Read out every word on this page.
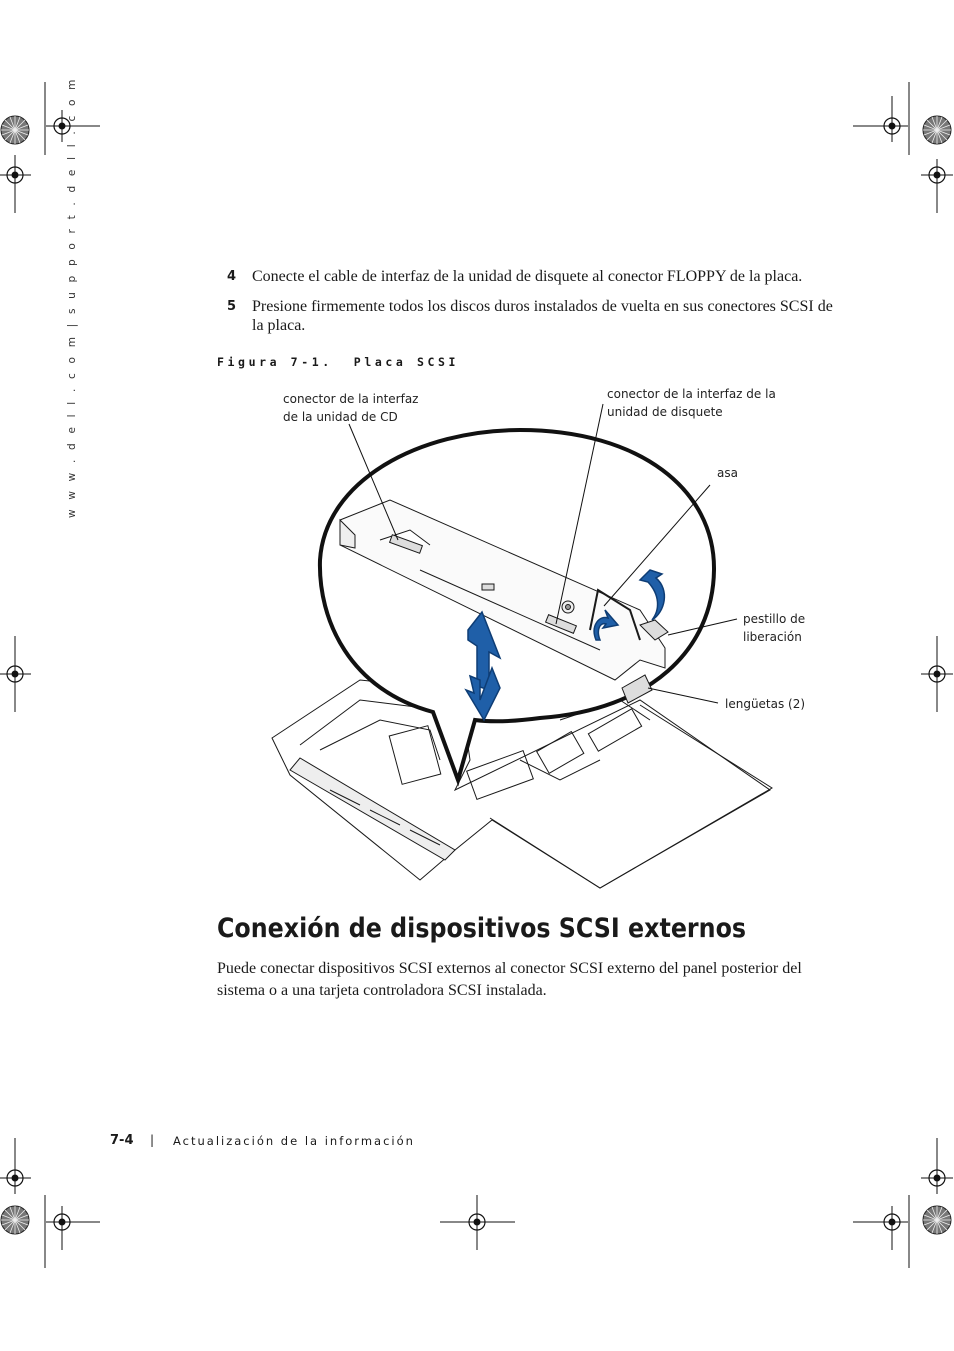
w w w . d e l l . c o m | s u p p o r t . d e l l . c o m	4 Conecte el cable de interfaz de la unidad de disquete al conector FLOPPY de la placa.
5 Presione firmemente todos los discos duros instalados de vuelta en sus conectores SCSI de la placa.
Figura 7-1.  Placa SCSI
conector de la interfaz
de la unidad de CD
conector de la interfaz de la
unidad de disquete
asa
pestillo de
liberación
lengüetas (2)
Conexión de dispositivos SCSI externos
Puede conectar dispositivos SCSI externos al conector SCSI externo del panel posterior del sistema o a una tarjeta controladora SCSI instalada.
7-4 | Actualización de la información
